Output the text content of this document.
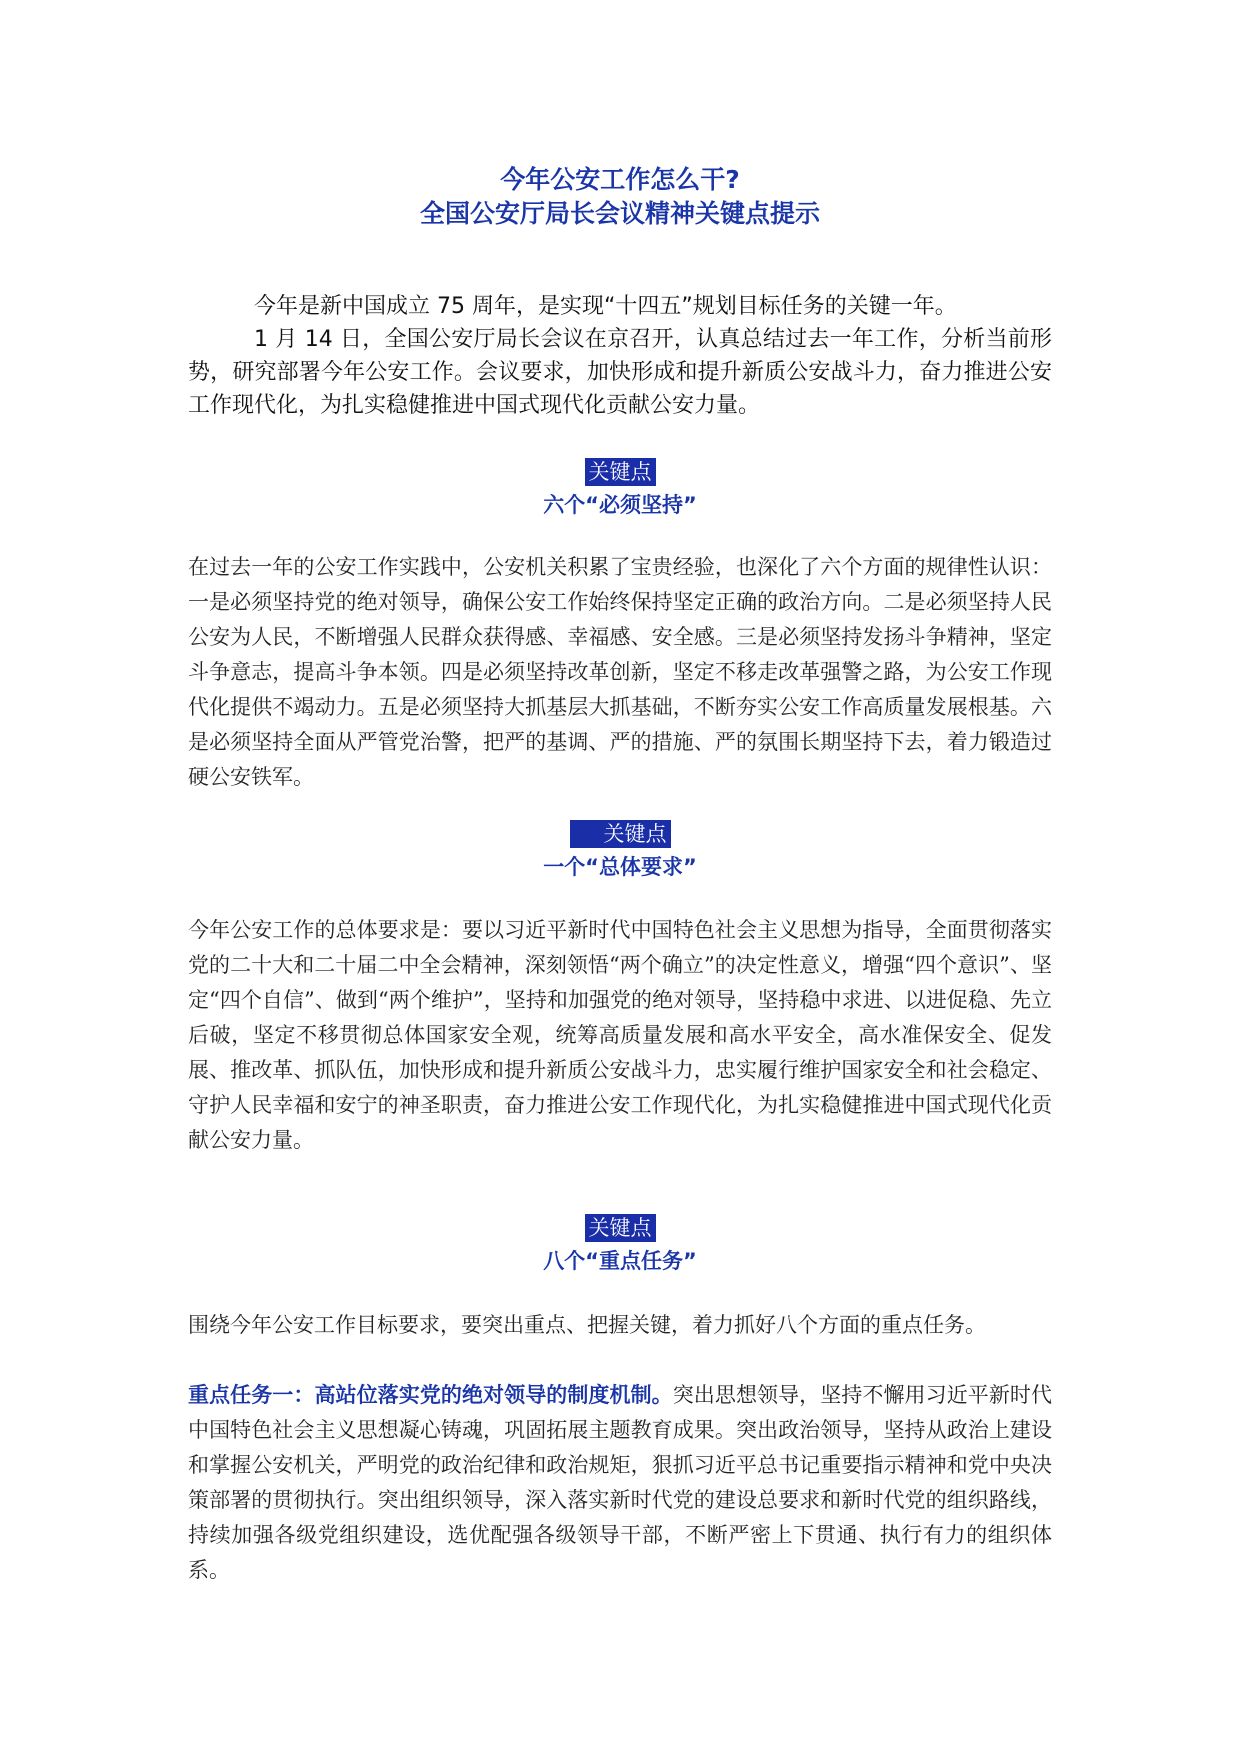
今年公安工作怎么干?
全国公安厅局长会议精神关键点提示

今年是新中国成立 75 周年，是实现“十四五”规划目标任务的关键一年。

1 月 14 日，全国公安厅局长会议在京召开，认真总结过去一年工作，分析当前形势，研究部署今年公安工作。会议要求，加快形成和提升新质公安战斗力，奋力推进公安工作现代化，为扎实稳健推进中国式现代化贡献公安力量。

关键点

六个“必须坚持”

在过去一年的公安工作实践中，公安机关积累了宝贵经验，也深化了六个方面的规律性认识：一是必须坚持党的绝对领导，确保公安工作始终保持坚定正确的政治方向。二是必须坚持人民公安为人民，不断增强人民群众获得感、幸福感、安全感。三是必须坚持发扬斗争精神，坚定斗争意志，提高斗争本领。四是必须坚持改革创新，坚定不移走改革强警之路，为公安工作现代化提供不竭动力。五是必须坚持大抓基层大抓基础，不断夯实公安工作高质量发展根基。六是必须坚持全面从严管党治警，把严的基调、严的措施、严的氛围长期坚持下去，着力锻造过硬公安铁军。

关键点

一个“总体要求”

今年公安工作的总体要求是：要以习近平新时代中国特色社会主义思想为指导，全面贯彻落实党的二十大和二十届二中全会精神，深刻领悟“两个确立”的决定性意义，增强“四个意识”、坚定“四个自信”、做到“两个维护”，坚持和加强党的绝对领导，坚持稳中求进、以进促稳、先立后破，坚定不移贯彻总体国家安全观，统筹高质量发展和高水平安全，高水准保安全、促发展、推改革、抓队伍，加快形成和提升新质公安战斗力，忠实履行维护国家安全和社会稳定、守护人民幸福和安宁的神圣职责，奋力推进公安工作现代化，为扎实稳健推进中国式现代化贡献公安力量。

关键点

八个“重点任务”

围绕今年公安工作目标要求，要突出重点、把握关键，着力抓好八个方面的重点任务。

重点任务一：高站位落实党的绝对领导的制度机制。突出思想领导，坚持不懈用习近平新时代中国特色社会主义思想凝心铸魂，巩固拓展主题教育成果。突出政治领导，坚持从政治上建设和掌握公安机关，严明党的政治纪律和政治规矩，狠抓习近平总书记重要指示精神和党中央决策部署的贯彻执行。突出组织领导，深入落实新时代党的建设总要求和新时代党的组织路线，持续加强各级党组织建设，选优配强各级领导干部，不断严密上下贯通、执行有力的组织体系。
